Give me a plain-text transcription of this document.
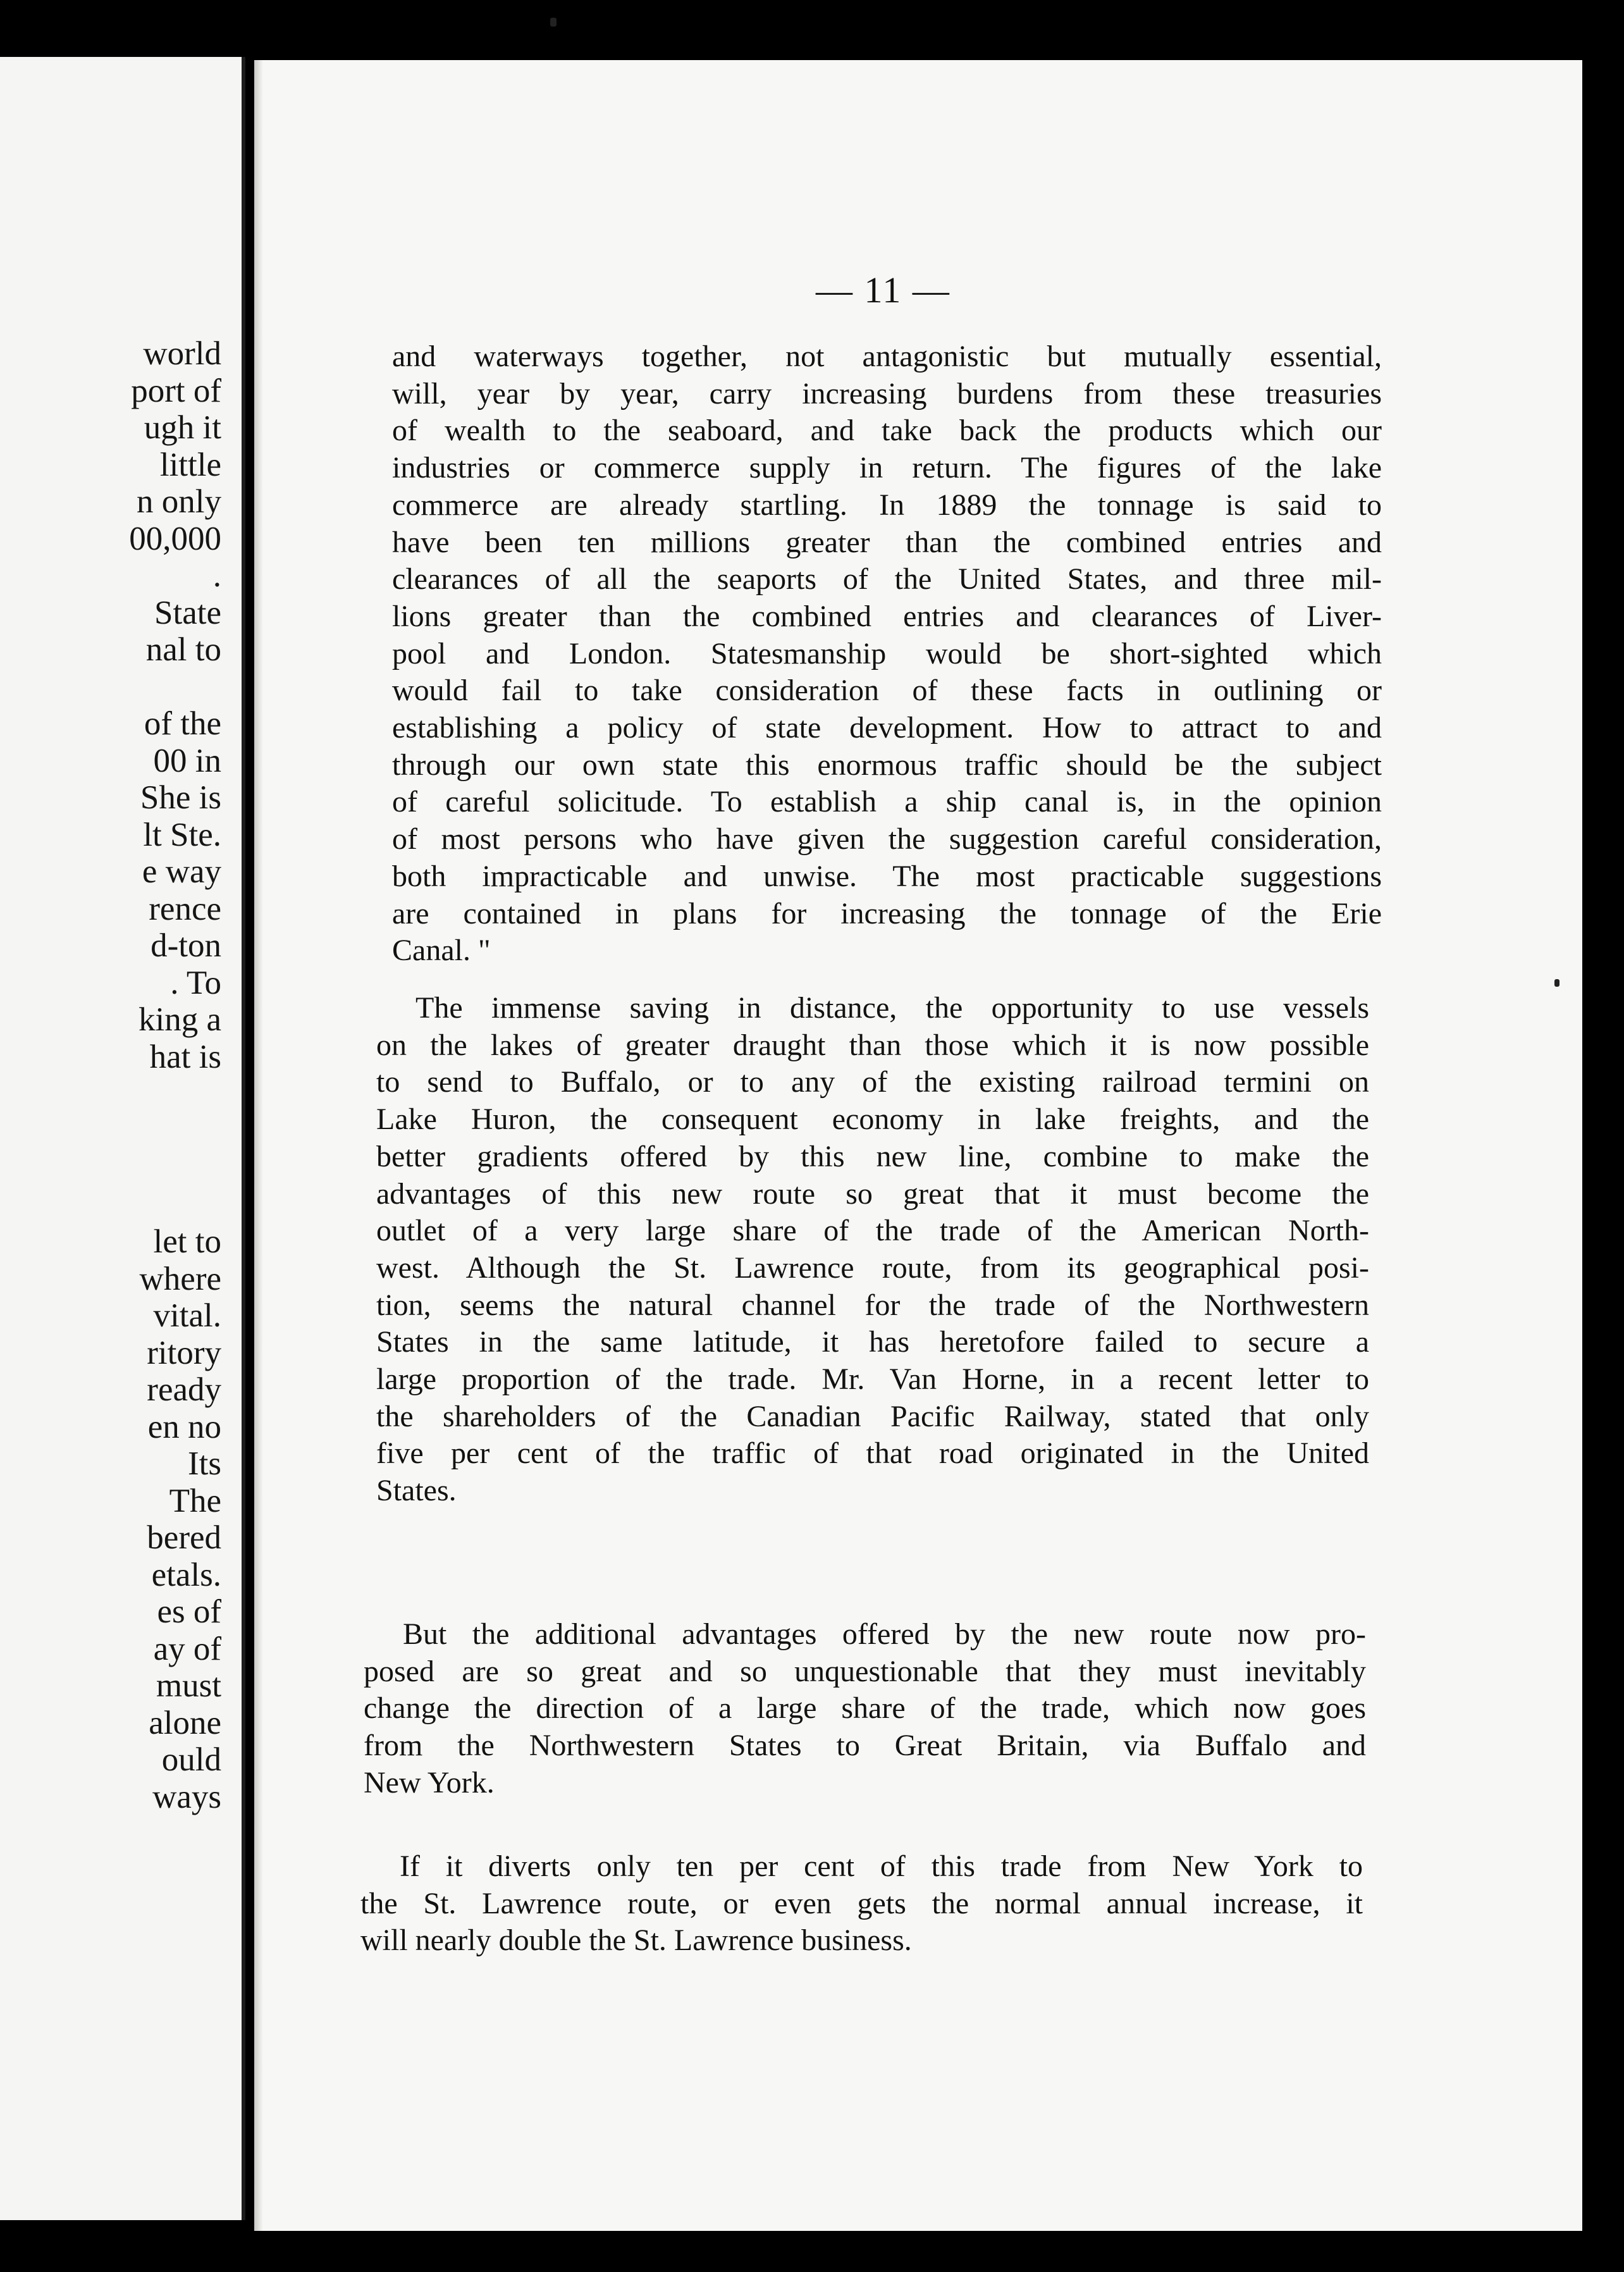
world
port of
ugh it
little
n only
00,000
.
State
nal to
of the
00 in
She is
lt Ste.
e way
rence
d-ton
. To
king a
hat is
let to
where
vital.
ritory
ready
en no
Its
The
bered
etals.
es of
ay of
must
alone
ould
ways
— 11 —
and waterways together, not antagonistic but mutually essential,
will, year by year, carry increasing burdens from these treasuries
of wealth to the seaboard, and take back the products which our
industries or commerce supply in return. The figures of the lake
commerce are already startling. In 1889 the tonnage is said to
have been ten millions greater than the combined entries and
clearances of all the seaports of the United States, and three mil-
lions greater than the combined entries and clearances of Liver-
pool and London. Statesmanship would be short-sighted which
would fail to take consideration of these facts in outlining or
establishing a policy of state development. How to attract to and
through our own state this enormous traffic should be the subject
of careful solicitude. To establish a ship canal is, in the opinion
of most persons who have given the suggestion careful consideration,
both impracticable and unwise. The most practicable suggestions
are contained in plans for increasing the tonnage of the Erie
Canal. "
The immense saving in distance, the opportunity to use vessels
on the lakes of greater draught than those which it is now possible
to send to Buffalo, or to any of the existing railroad termini on
Lake Huron, the consequent economy in lake freights, and the
better gradients offered by this new line, combine to make the
advantages of this new route so great that it must become the
outlet of a very large share of the trade of the American North-
west. Although the St. Lawrence route, from its geographical posi-
tion, seems the natural channel for the trade of the Northwestern
States in the same latitude, it has heretofore failed to secure a
large proportion of the trade. Mr. Van Horne, in a recent letter to
the shareholders of the Canadian Pacific Railway, stated that only
five per cent of the traffic of that road originated in the United
States.
But the additional advantages offered by the new route now pro-
posed are so great and so unquestionable that they must inevitably
change the direction of a large share of the trade, which now goes
from the Northwestern States to Great Britain, via Buffalo and
New York.
If it diverts only ten per cent of this trade from New York to
the St. Lawrence route, or even gets the normal annual increase, it
will nearly double the St. Lawrence business.
